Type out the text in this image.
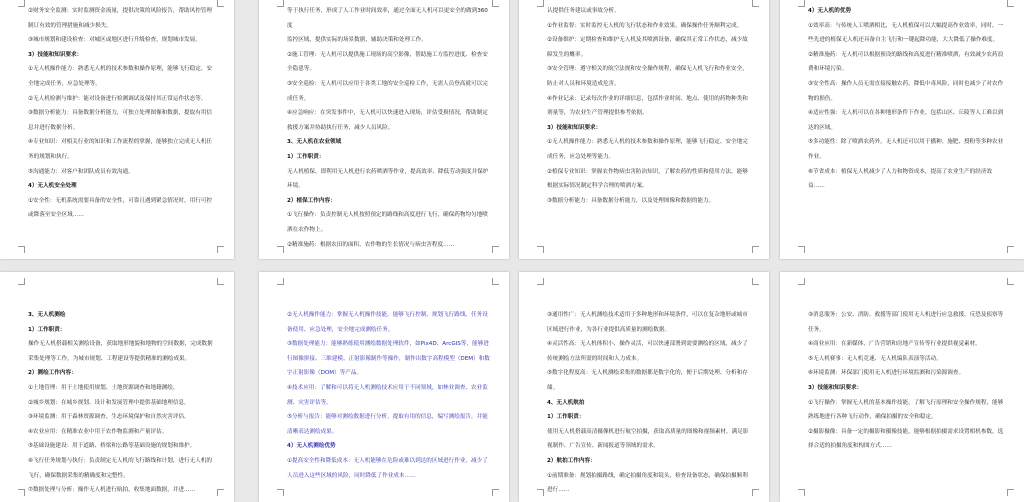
②财务安全监测：实时监测资金流量，提供决策的风险报告，帮助风控管理制订有效的管理措施和减少损失。
③城市规划和建设检查：对城区或地区进行升级检查，规划城市发展。
3）技能和知识要求：
①无人机操作能力：熟悉无人机的技术参数和操作原理，能够飞行稳定，安全地完成任务，应急处理等。
②无人机检测与维护：能对设备进行检测调试及保持其正常运作状态等。
③数据分析能力：具备数据分析能力，可独立处理图像和数据，提取有用信息并进行数据分析。
④专业知识：对相关行业的知识和工作流程的掌握，能够独立完成无人机任务的规划和执行。
⑤沟通能力：对客户和团队成员有效沟通。
4）无人机安全处理
①安全性：无机系统需要具备的安全性，可靠且遇到紧急情况时，用行可控或降落至安全区域……
等于执行任务，形成了人工作业时间效率，通过全面无人机可以更安全的做到360度
监控区域，提供实际的场景数据，辅助决策和处理工作。
②施工管理：无人机可以提供施工现场的高空影像，帮助施工方监控进度、检查安全隐患等。
③安全巡检：无人机可以应用于各类工地的安全巡检工作，无需人员登高就可以完成任务。
④应急响应：在突发事件中，无人机可以快速进入现场，评估受损情况，帮助制定救援方案并协助执行任务，减少人员风险。
3、无人机在农业领域
1）工作职责：
无人机植保，即利用无人机进行农药喷洒等作业，提高效率、降低劳动强度并保护环境。
2）植保工作内容：
①飞行操作：负责控制无人机按照预定的路线和高度进行飞行，确保药物均匀地喷洒在农作物上。
②精准施药：根据农田的面积、农作物的生长情况与病虫害程度……
认提供任务建议或事故分析。
①作业监督：实时监控无人机的飞行状态和作业效果，确保操作任务顺利完成。
②设备维护：定期检查和维护无人机及其喷洒设备，确保其正常工作状态，减少故障发生的概率。
③安全管理：遵守相关的航空法规和安全操作规程，确保无人机飞行和作业安全，防止对人员和环境造成危害。
④作业记录：记录每次作业的详细信息，包括作业时间、地点、使用的药物种类和剂量等，为农业生产管理提供参考依据。
3）技能和知识要求：
①无人机操作能力：熟悉无人机的技术参数和操作原理，能够飞行稳定、安全地完成任务，应急处理等能力。
②植保专业知识：掌握农作物病虫害防治知识，了解农药的性质和使用方法，能够根据实际情况制定科学合理的喷洒方案。
③数据分析能力：具备数据分析能力，以及处理图像和数据的能力。
4）无人机的优势
①效率高：与传统人工喷洒相比，无人机植保可以大幅提高作业效率，同时，一些先进的植保无人机还具备自主飞行和一键起降功能，大大降低了操作难度。
②精准施药：无人机可以根据预设的路线和高度进行精准喷洒，有效减少农药浪费和环境污染。
③安全性高：操作人员无需直接接触农药，降低中毒风险，同时也减少了对农作物的损伤。
④适应性强：无人机可以在各种地形条件下作业，包括山区、丘陵等人工难以到达的区域。
⑤多功能性：除了喷洒农药外，无人机还可以用于播种、施肥、授粉等多种农业作业。
⑥节省成本：植保无人机减少了人力和物资成本，提高了农业生产的经济效益……
3、无人机测绘
1）工作职责：
操作无人机搭载相关测绘设备，获取地形地貌和地物的空间数据，完成数据采集处理等工作，为城市规划、工程建设等提供精准的测绘成果。
2）测绘工作内容：
①土地管理：用于土地使用规划、土地资源调查和地籍测绘。
②城乡规划：在城乡规划、设计和发展管理中提供基础地理信息。
③环境监测：用于森林资源调查、生态环境保护和自然灾害评估。
④农业应用：在精准农业中用于农作物监测和产量评估。
⑤基础设施建设：用于道路、桥梁和公路等基础设施的规划和维护。
⑥飞行任务规划与执行：负责制定无人机的飞行路线和计划，进行无人机的飞行，确保数据采集的精确度和完整性。
⑦数据处理与分析：操作无人机进行航拍，收集地面数据，并进……
②无人机操作能力：掌握无人机操作技能，能够飞行控制、规划飞行路线、任务设备使用、应急处理，安全地完成测绘任务。
③数据处理能力：能够熟练使用测绘数据处理软件，如Pix4D、ArcGIS等，能够进行图像拼接、三维建模、正射影像制作等操作，制作出数字高程模型（DEM）和数字正射影像（DOM）等产品。
④技术应用：了解和可以将无人机测绘技术应用于不同领域，如林业调查、农业监测、灾害评估等。
⑤分析与报告：能够对测绘数据进行分析，提取有用的信息，编写测绘报告，并能清晰表达测绘成果。
4）无人机测绘优势
①提高安全性和降低成本：无人机能够在危险或难以到达的区域进行作业，减少了人员进入这些区域的风险，同时降低了作业成本……
③通用性广：无人机测绘技术适用于多种地形和环境条件，可以在复杂地形或城市区域进行作业，为各行业提供高质量的测绘数据。
④灵活性高：无人机体积小、操作灵活，可以快速部署到需要测绘的区域，减少了传统测绘方法所需的时间和人力成本。
⑤数字化程度高：无人机测绘采集的数据都是数字化的，便于后期处理、分析和存储。
4、无人机航拍
1）工作职责：
使用无人机搭载高清摄像机进行航空拍摄，获取高质量的图像和视频素材，满足影视制作、广告宣传、新闻报道等领域的需求。
2）航拍工作内容：
①前期准备：规划拍摄路线，确定拍摄角度和镜头，检查设备状态，确保拍摄顺利进行……
③消息服务：公安、消防、救援等部门使用无人机进行应急救援、反恐及侦察等任务。
④商业应用：在新媒体、广告营销和房地产宣传等行业提供视觉素材。
⑤无人机赛事：无人机竞速、无人机编队表演等活动。
⑥环境监测：环保部门使用无人机进行环境监测和污染源调查。
3）技能和知识要求：
①飞行操作：掌握无人机的基本操作技能，了解飞行原理和安全操作规程，能够熟练地进行各种飞行动作，确保拍摄的安全和稳定。
②摄影摄像：具备一定的摄影和摄像技能，能够根据拍摄需求设置相机参数，选择合适的拍摄角度和构图方式……
